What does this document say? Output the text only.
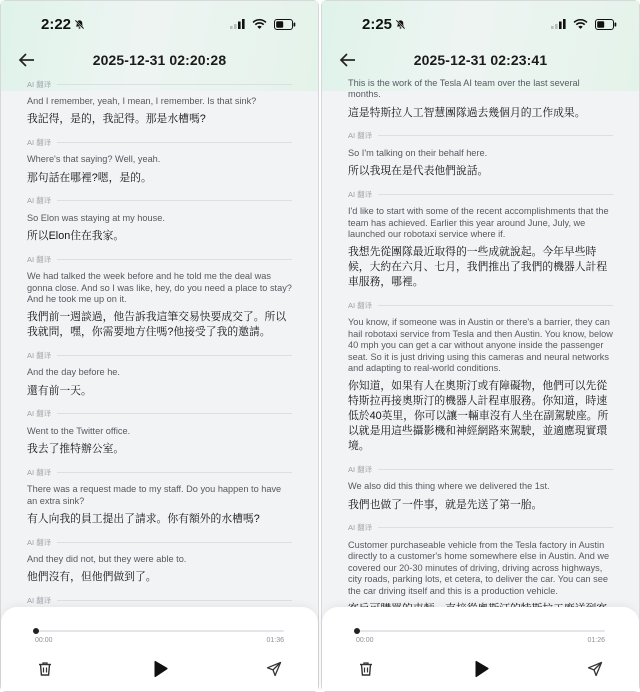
2:22
2025-12-31 02:20:28
AI 翻译
And I remember, yeah, I mean, I remember. Is that sink?
我記得，是的，我記得。那是水槽嗎?
AI 翻译
Where's that saying? Well, yeah.
那句話在哪裡?嗯，是的。
AI 翻译
So Elon was staying at my house.
所以Elon住在我家。
AI 翻译
We had talked the week before and he told me the deal was gonna close. And so I was like, hey, do you need a place to stay? And he took me up on it.
我們前一週談過，他告訴我這筆交易快要成交了。所以我就問，嘿，你需要地方住嗎?他接受了我的邀請。
AI 翻译
And the day before he.
還有前一天。
AI 翻译
Went to the Twitter office.
我去了推特辦公室。
AI 翻译
There was a request made to my staff. Do you happen to have an extra sink?
有人向我的員工提出了請求。你有額外的水槽嗎?
AI 翻译
And they did not, but they were able to.
他們沒有，但他們做到了。
AI 翻译
00:00	01:36
2:25
2025-12-31 02:23:41
This is the work of the Tesla AI team over the last several months.
這是特斯拉人工智慧團隊過去幾個月的工作成果。
AI 翻译
So I'm talking on their behalf here.
所以我現在是代表他們說話。
AI 翻译
I'd like to start with some of the recent accomplishments that the team has achieved. Earlier this year around June, July, we launched our robotaxi service where if.
我想先從團隊最近取得的一些成就說起。今年早些時候，大約在六月、七月，我們推出了我們的機器人計程車服務，哪裡。
AI 翻译
You know, if someone was in Austin or there's a barrier, they can hail robotaxi service from Tesla and then Austin. You know, below 40 mph you can get a car without anyone inside the passenger seat. So it is just driving using this cameras and neural networks and adapting to real-world conditions.
你知道，如果有人在奧斯汀或有障礙物，他們可以先從特斯拉再接奧斯汀的機器人計程車服務。你知道，時速低於40英里，你可以讓一輛車沒有人坐在副駕駛座。所以就是用這些攝影機和神經網路來駕駛，並適應現實環境。
AI 翻译
We also did this thing where we delivered the 1st.
我們也做了一件事，就是先送了第一胎。
AI 翻译
Customer purchaseable vehicle from the Tesla factory in Austin directly to a customer's home somewhere else in Austin. And we covered our 20-30 minutes of driving, driving across highways, city roads, parking lots, et cetera, to deliver the car. You can see the car driving itself and this is a production vehicle.
00:00	01:26
